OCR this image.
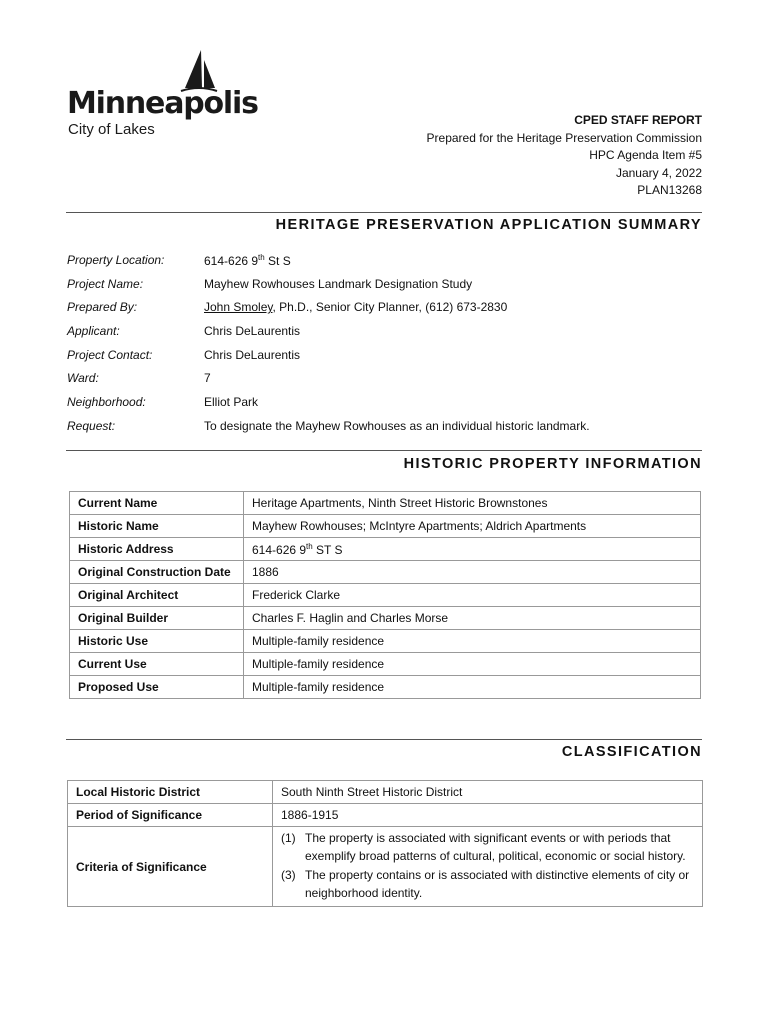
Minneapolis
City of Lakes
CPED STAFF REPORT
Prepared for the Heritage Preservation Commission
HPC Agenda Item #5
January 4, 2022
PLAN13268
HERITAGE PRESERVATION APPLICATION SUMMARY
Property Location:	614-626 9th St S
Project Name:	Mayhew Rowhouses Landmark Designation Study
Prepared By:	John Smoley, Ph.D., Senior City Planner, (612) 673-2830
Applicant:	Chris DeLaurentis
Project Contact:	Chris DeLaurentis
Ward:	7
Neighborhood:	Elliot Park
Request:	To designate the Mayhew Rowhouses as an individual historic landmark.
HISTORIC PROPERTY INFORMATION
Current Name	Heritage Apartments, Ninth Street Historic Brownstones
Historic Name	Mayhew Rowhouses; McIntyre Apartments; Aldrich Apartments
Historic Address	614-626 9th ST S
Original Construction Date	1886
Original Architect	Frederick Clarke
Original Builder	Charles F. Haglin and Charles Morse
Historic Use	Multiple-family residence
Current Use	Multiple-family residence
Proposed Use	Multiple-family residence
CLASSIFICATION
Local Historic District	South Ninth Street Historic District
Period of Significance	1886-1915
Criteria of Significance	(1) The property is associated with significant events or with periods that exemplify broad patterns of cultural, political, economic or social history.
(3) The property contains or is associated with distinctive elements of city or neighborhood identity.
